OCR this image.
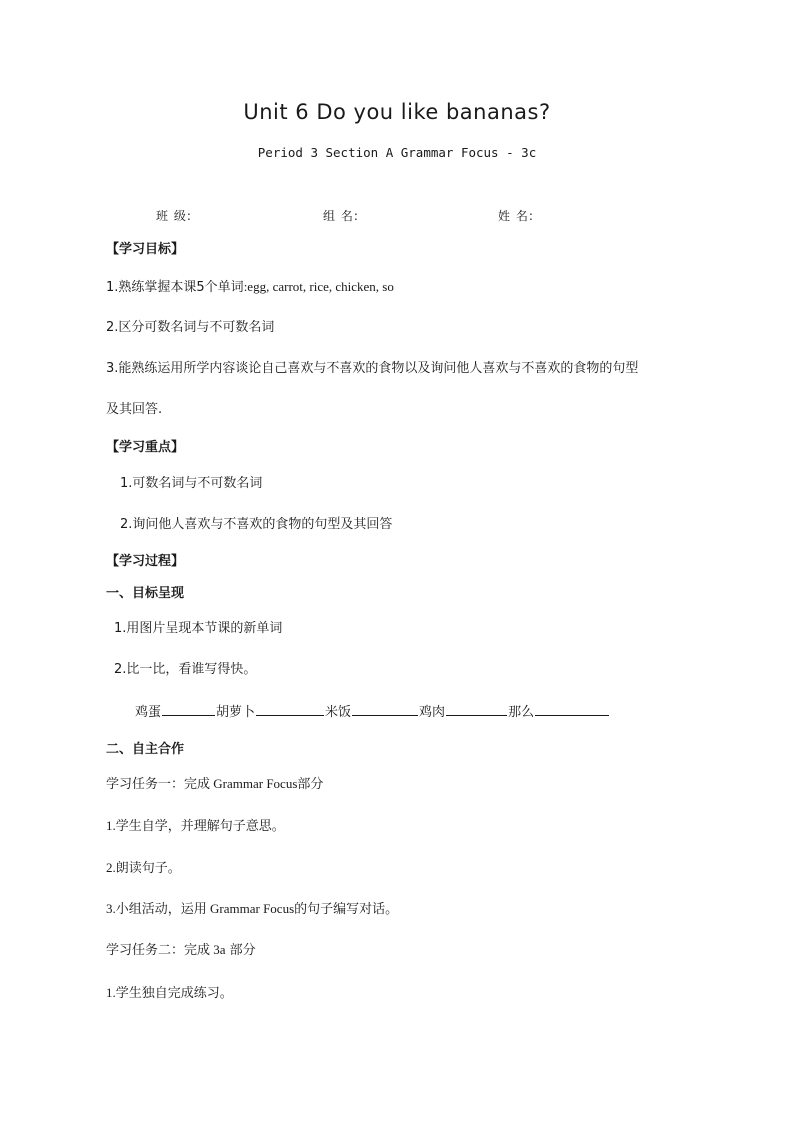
Unit 6 Do you like bananas?
Period 3 Section A Grammar Focus - 3c
班 级:	组 名:	姓 名:
【学习目标】
1.熟练掌握本课5个单词:egg, carrot, rice, chicken, so
2.区分可数名词与不可数名词
3.能熟练运用所学内容谈论自己喜欢与不喜欢的食物以及询问他人喜欢与不喜欢的食物的句型
及其回答.
【学习重点】
1.可数名词与不可数名词
2.询问他人喜欢与不喜欢的食物的句型及其回答
【学习过程】
一、目标呈现
1.用图片呈现本节课的新单词
2.比一比，看谁写得快。
鸡蛋	胡萝卜	米饭	鸡肉	那么
二、自主合作
学习任务一：完成 Grammar Focus部分
1.学生自学，并理解句子意思。
2.朗读句子。
3.小组活动，运用 Grammar Focus的句子编写对话。
学习任务二：完成 3a 部分
1.学生独自完成练习。
